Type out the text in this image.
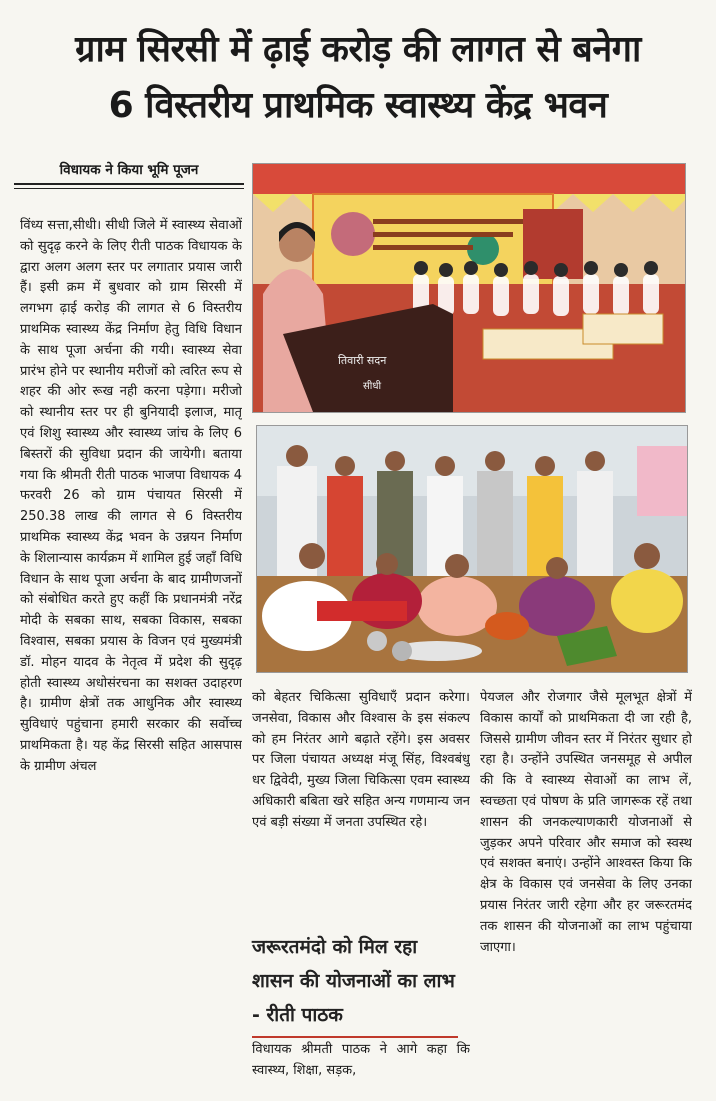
ग्राम सिरसी में ढ़ाई करोड़ की लागत से बनेगा
6 विस्तरीय प्राथमिक स्वास्थ्य केंद्र भवन
विधायक ने किया भूमि पूजन

विंध्य सत्ता,सीधी। सीधी जिले में स्वास्थ्य सेवाओं को सुदृढ़ करने के लिए रीती पाठक विधायक के द्वारा अलग अलग स्तर पर लगातार प्रयास जारी हैं। इसी क्रम में बुधवार को ग्राम सिरसी में लगभग ढ़ाई करोड़ की लागत से 6 विस्तरीय प्राथमिक स्वास्थ्य केंद्र निर्माण हेतु विधि विधान के साथ पूजा अर्चना की गयी। स्वास्थ्य सेवा प्रारंभ होने पर स्थानीय मरीजों को त्वरित रूप से शहर की ओर रूख नही करना पड़ेगा। मरीजो को स्थानीय स्तर पर ही बुनियादी इलाज, मातृ एवं शिशु स्वास्थ्य और स्वास्थ्य जांच के लिए 6 बिस्तरों की सुविधा प्रदान की जायेगी। बताया गया कि श्रीमती रीती पाठक भाजपा विधायक 4 फरवरी 26 को ग्राम पंचायत सिरसी में 250.38 लाख की लागत से 6 विस्तरीय प्राथमिक स्वास्थ्य केंद्र भवन के उन्नयन निर्माण के शिलान्यास कार्यक्रम में शामिल हुई जहाँ विधि विधान के साथ पूजा अर्चना के बाद ग्रामीणजनों को संबोधित करते हुए कहीं कि प्रधानमंत्री नरेंद्र मोदी के सबका साथ, सबका विकास, सबका विश्वास, सबका प्रयास के विजन एवं मुख्यमंत्री डॉ. मोहन यादव के नेतृत्व में प्रदेश की सुदृढ़ होती स्वास्थ्य अधोसंरचना का सशक्त उदाहरण है। ग्रामीण क्षेत्रों तक आधुनिक और स्वास्थ्य सुविधाएं पहुंचाना हमारी सरकार की सर्वोच्च प्राथमिकता है। यह केंद्र सिरसी सहित आसपास के ग्रामीण अंचल

तिवारी सदन
सीधी

को बेहतर चिकित्सा सुविधाएँ प्रदान करेगा। जनसेवा, विकास और विश्वास के इस संकल्प को हम निरंतर आगे बढ़ाते रहेंगे। इस अवसर पर जिला पंचायत अध्यक्ष मंजू सिंह, विश्वबंधु धर द्विवेदी, मुख्य जिला चिकित्सा एवम स्वास्थ्य अधिकारी बबिता खरे सहित अन्य गणमान्य जन एवं बड़ी संख्या में जनता उपस्थित रहे।

जरूरतमंदो को मिल रहा शासन की योजनाओं का लाभ - रीती पाठक

विधायक श्रीमती पाठक ने आगे कहा कि स्वास्थ्य, शिक्षा, सड़क,

पेयजल और रोजगार जैसे मूलभूत क्षेत्रों में विकास कार्यों को प्राथमिकता दी जा रही है, जिससे ग्रामीण जीवन स्तर में निरंतर सुधार हो रहा है। उन्होंने उपस्थित जनसमूह से अपील की कि वे स्वास्थ्य सेवाओं का लाभ लें, स्वच्छता एवं पोषण के प्रति जागरूक रहें तथा शासन की जनकल्याणकारी योजनाओं से जुड़कर अपने परिवार और समाज को स्वस्थ एवं सशक्त बनाएं। उन्होंने आश्वस्त किया कि क्षेत्र के विकास एवं जनसेवा के लिए उनका प्रयास निरंतर जारी रहेगा और हर जरूरतमंद तक शासन की योजनाओं का लाभ पहुंचाया जाएगा।
